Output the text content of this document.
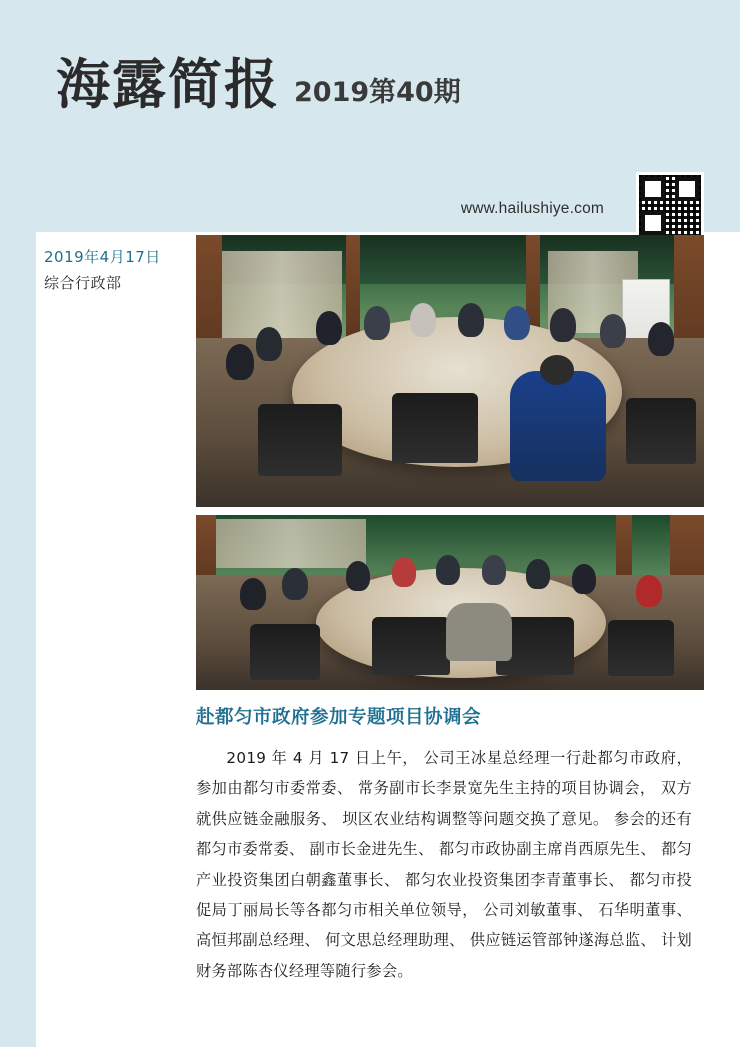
海露简报 2019第40期
www.hailushiye.com
2019年4月17日
综合行政部
赴都匀市政府参加专题项目协调会

2019 年 4 月 17 日上午， 公司王冰星总经理一行赴都匀市政府， 参加由都匀市委常委、 常务副市长李景宽先生主持的项目协调会， 双方就供应链金融服务、 坝区农业结构调整等问题交换了意见。 参会的还有都匀市委常委、 副市长金进先生、 都匀市政协副主席肖西原先生、 都匀产业投资集团白朝鑫董事长、 都匀农业投资集团李青董事长、 都匀市投促局丁丽局长等各都匀市相关单位领导， 公司刘敏董事、 石华明董事、 高恒邦副总经理、 何文思总经理助理、 供应链运管部钟遂海总监、 计划财务部陈杏仪经理等随行参会。
